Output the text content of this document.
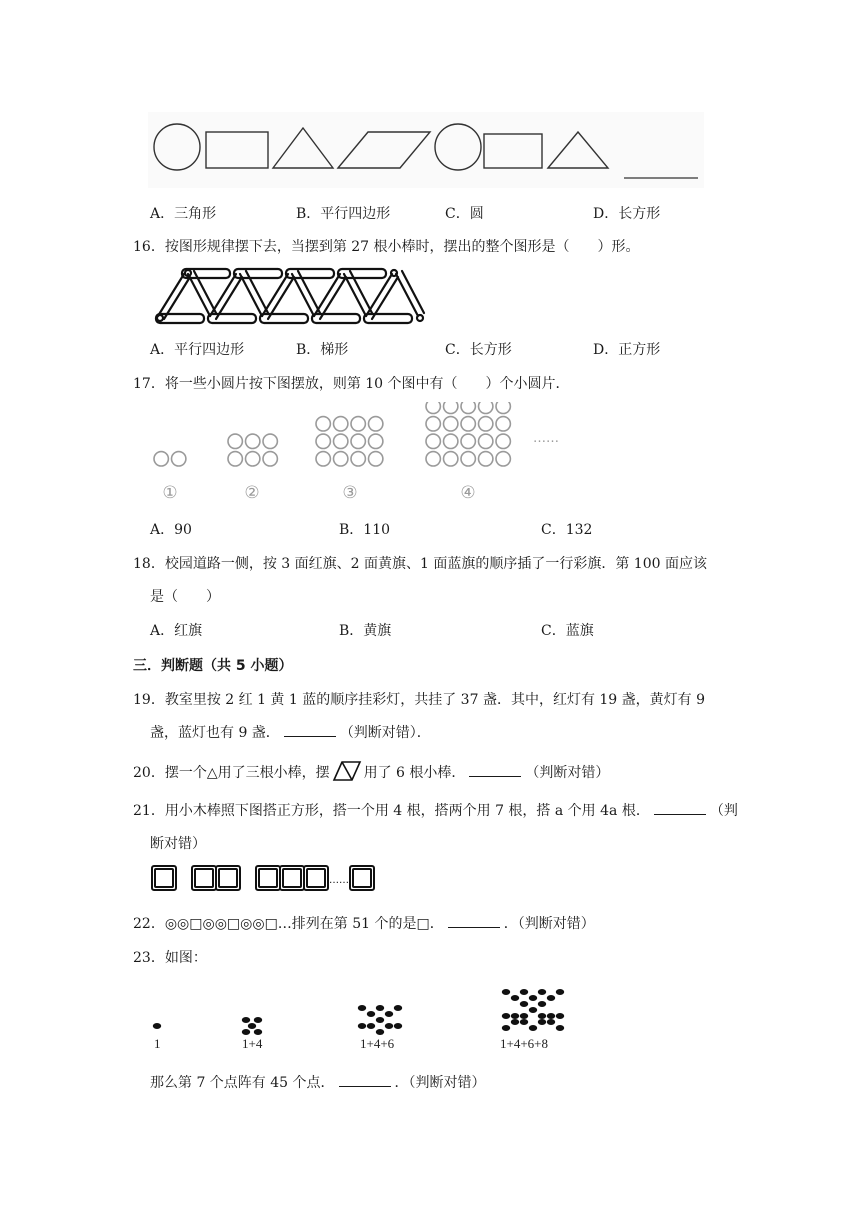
A．三角形	B．平行四边形	C．圆	D．长方形
16．按图形规律摆下去，当摆到第 27 根小棒时，摆出的整个图形是（　　）形。
A．平行四边形	B．梯形	C．长方形	D．正方形
17．将一些小圆片按下图摆放，则第 10 个图中有（　　）个小圆片．
①	②	③	④
……
A．90	B．110	C．132
18．校园道路一侧，按 3 面红旗、2 面黄旗、1 面蓝旗的顺序插了一行彩旗．第 100 面应该
是（　　）
A．红旗	B．黄旗	C．蓝旗
三．判断题（共 5 小题）
19．教室里按 2 红 1 黄 1 蓝的顺序挂彩灯，共挂了 37 盏．其中，红灯有 19 盏，黄灯有 9
盏，蓝灯也有 9 盏．	（判断对错）．
20．摆一个△用了三根小棒，摆 用了 6 根小棒．	（判断对错）
21．用小木棒照下图搭正方形，搭一个用 4 根，搭两个用 7 根，搭 a 个用 4a 根．	（判
断对错）
……
22．◎◎□◎◎□◎◎□…排列在第 51 个的是□．	．（判断对错）
23．如图：
1	1+4	1+4+6	1+4+6+8
那么第 7 个点阵有 45 个点．	．（判断对错）
